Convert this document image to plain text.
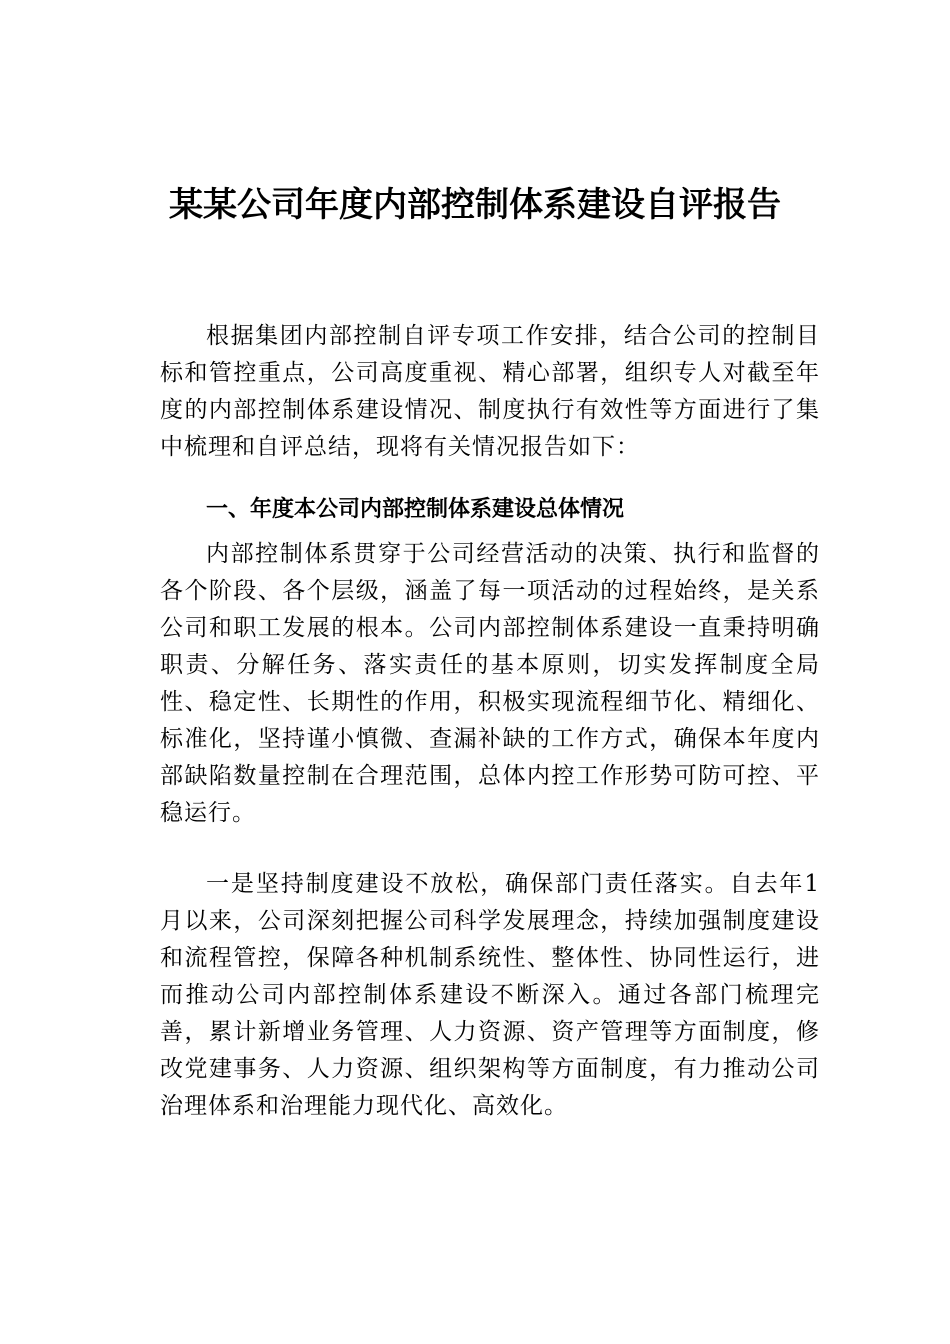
某某公司年度内部控制体系建设自评报告

根据集团内部控制自评专项工作安排，结合公司的控制目标和管控重点，公司高度重视、精心部署，组织专人对截至年度的内部控制体系建设情况、制度执行有效性等方面进行了集中梳理和自评总结，现将有关情况报告如下：

一、年度本公司内部控制体系建设总体情况

内部控制体系贯穿于公司经营活动的决策、执行和监督的各个阶段、各个层级，涵盖了每一项活动的过程始终，是关系公司和职工发展的根本。公司内部控制体系建设一直秉持明确职责、分解任务、落实责任的基本原则，切实发挥制度全局性、稳定性、长期性的作用，积极实现流程细节化、精细化、标准化，坚持谨小慎微、查漏补缺的工作方式，确保本年度内部缺陷数量控制在合理范围，总体内控工作形势可防可控、平稳运行。

一是坚持制度建设不放松，确保部门责任落实。自去年1 月以来，公司深刻把握公司科学发展理念，持续加强制度建设和流程管控，保障各种机制系统性、整体性、协同性运行，进而推动公司内部控制体系建设不断深入。通过各部门梳理完善，累计新增业务管理、人力资源、资产管理等方面制度，修改党建事务、人力资源、组织架构等方面制度，有力推动公司治理体系和治理能力现代化、高效化。
